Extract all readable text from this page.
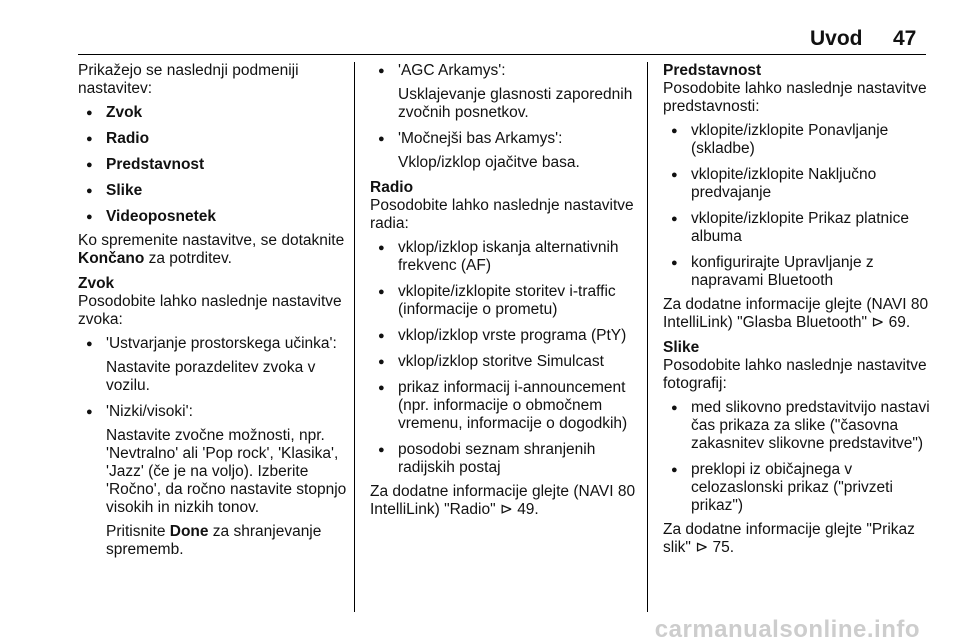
Uvod 47

Prikažejo se naslednji podmeniji nastavitev:

● Zvok
● Radio
● Predstavnost
● Slike
● Videoposnetek

Ko spremenite nastavitve, se dotaknite Končano za potrditev.

Zvok

Posodobite lahko naslednje nastavitve zvoka:

● 'Ustvarjanje prostorskega učinka':
Nastavite porazdelitev zvoka v vozilu.
● 'Nizki/visoki':
Nastavite zvočne možnosti, npr. 'Nevtralno' ali 'Pop rock', 'Klasika', 'Jazz' (če je na voljo). Izberite 'Ročno', da ročno nastavite stopnjo visokih in nizkih tonov.
Pritisnite Done za shranjevanje sprememb.
● 'AGC Arkamys':
Usklajevanje glasnosti zaporednih zvočnih posnetkov.
● 'Močnejši bas Arkamys':
Vklop/izklop ojačitve basa.

Radio

Posodobite lahko naslednje nastavitve radia:

● vklop/izklop iskanja alternativnih frekvenc (AF)
● vklopite/izklopite storitev i-traffic (informacije o prometu)
● vklop/izklop vrste programa (PtY)
● vklop/izklop storitve Simulcast
● prikaz informacij i-announcement (npr. informacije o območnem vremenu, informacije o dogodkih)
● posodobi seznam shranjenih radijskih postaj

Za dodatne informacije glejte (NAVI 80 IntelliLink) "Radio" ⊳ 49.

Predstavnost

Posodobite lahko naslednje nastavitve predstavnosti:

● vklopite/izklopite Ponavljanje (skladbe)
● vklopite/izklopite Naključno predvajanje
● vklopite/izklopite Prikaz platnice albuma
● konfigurirajte Upravljanje z napravami Bluetooth

Za dodatne informacije glejte (NAVI 80 IntelliLink) "Glasba Bluetooth" ⊳ 69.

Slike

Posodobite lahko naslednje nastavitve fotografij:

● med slikovno predstavitvijo nastavi čas prikaza za slike ("časovna zakasnitev slikovne predstavitve")
● preklopi iz običajnega v celozaslonski prikaz ("privzeti prikaz")

Za dodatne informacije glejte "Prikaz slik" ⊳ 75.

carmanualsonline.info
